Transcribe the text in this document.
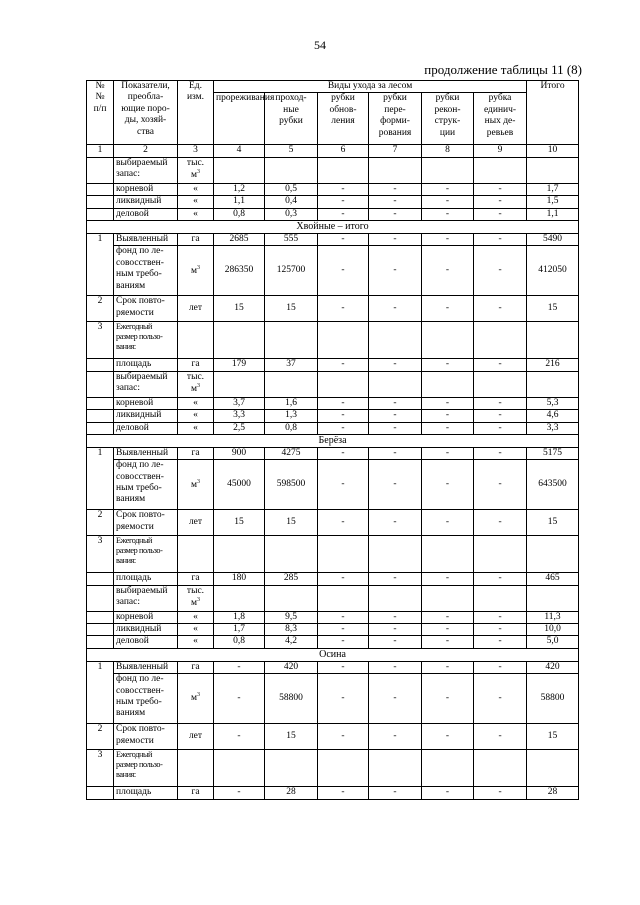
54
продолжение таблицы 11 (8)
№
№
п/п	Показатели,
преобла-
ющие поро-
ды, хозяй-
ства	Ед.
изм.	Виды ухода за лесом						Итого
			прореживания	проход-
ные
рубки	рубки
обнов-
ления	рубки
пере-
форми-
рования	рубки
рекон-
струк-
ции	рубка
единич-
ных де-
ревьев	
1	2	3	4	5	6	7	8	9	10
	выбираемый
запас:	тыс.
$м^3$							
	корневой	«	1,2	0,5	-	-	-	-	1,7
	ликвидный	«	1,1	0,4	-	-	-	-	1,5
	деловой	«	0,8	0,3	-	-	-	-	1,1
Хвойные – итого									
1	Выявленный	га	2685	555	-	-	-	-	5490
	фонд по ле-
совосствен-
ным требо-
ваниям	$м^3$	286350	125700	-	-	-	-	412050
2	Срок повто-
ряемости	лет	15	15	-	-	-	-	15
3	Ежегодный
размер пользо-
вания:								
	площадь	га	179	37	-	-	-	-	216
	выбираемый
запас:	тыс.
$м^3$							
	корневой	«	3,7	1,6	-	-	-	-	5,3
	ликвидный	«	3,3	1,3	-	-	-	-	4,6
	деловой	«	2,5	0,8	-	-	-	-	3,3
Берёза									
1	Выявленный	га	900	4275	-	-	-	-	5175
	фонд по ле-
совосствен-
ным требо-
ваниям	$м^3$	45000	598500	-	-	-	-	643500
2	Срок повто-
ряемости	лет	15	15	-	-	-	-	15
3	Ежегодный
размер пользо-
вания:								
	площадь	га	180	285	-	-	-	-	465
	выбираемый
запас:	тыс.
$м^3$							
	корневой	«	1,8	9,5	-	-	-	-	11,3
	ликвидный	«	1,7	8,3	-	-	-	-	10,0
	деловой	«	0,8	4,2	-	-	-	-	5,0
Осина									
1	Выявленный	га	-	420	-	-	-	-	420
	фонд по ле-
совосствен-
ным требо-
ваниям	$м^3$	-	58800	-	-	-	-	58800
2	Срок повто-
ряемости	лет	-	15	-	-	-	-	15
3	Ежегодный
размер пользо-
вания:								
	площадь	га	-	28	-	-	-	-	28
